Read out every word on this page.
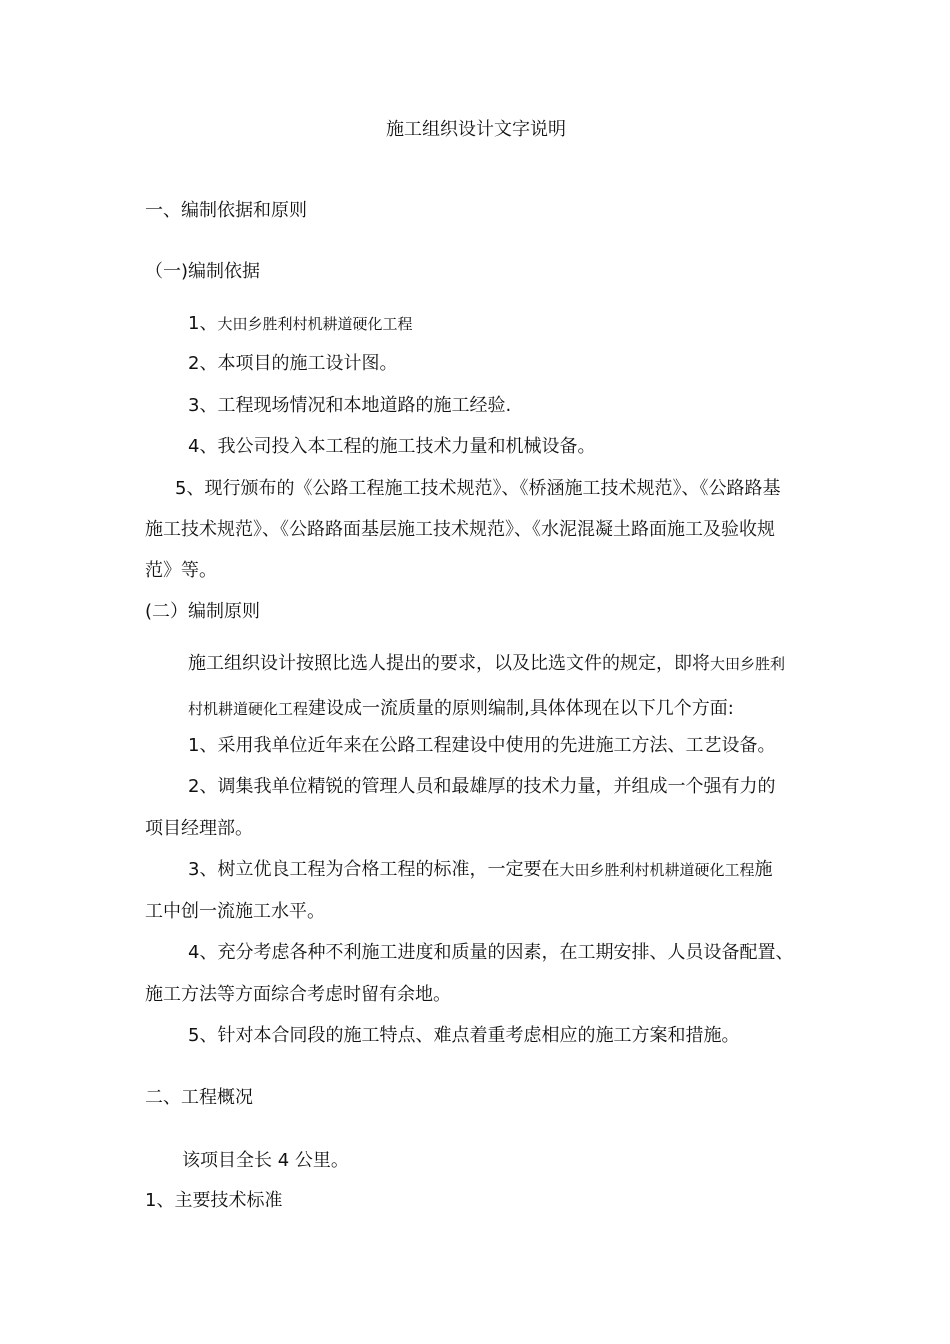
施工组织设计文字说明
一、编制依据和原则
（一)编制依据
1、大田乡胜利村机耕道硬化工程
2、本项目的施工设计图。
3、工程现场情况和本地道路的施工经验.
4、我公司投入本工程的施工技术力量和机械设备。
5、现行颁布的《公路工程施工技术规范》、《桥涵施工技术规范》、《公路路基
施工技术规范》、《公路路面基层施工技术规范》、《水泥混凝土路面施工及验收规
范》等。
(二）编制原则
施工组织设计按照比选人提出的要求，以及比选文件的规定，即将大田乡胜利
村机耕道硬化工程建设成一流质量的原则编制,具体体现在以下几个方面:
1、采用我单位近年来在公路工程建设中使用的先进施工方法、工艺设备。
2、调集我单位精锐的管理人员和最雄厚的技术力量，并组成一个强有力的
项目经理部。
3、树立优良工程为合格工程的标准，一定要在大田乡胜利村机耕道硬化工程施
工中创一流施工水平。
4、充分考虑各种不利施工进度和质量的因素，在工期安排、人员设备配置、
施工方法等方面综合考虑时留有余地。
5、针对本合同段的施工特点、难点着重考虑相应的施工方案和措施。
二、工程概况
该项目全长 4 公里。
1、主要技术标准
